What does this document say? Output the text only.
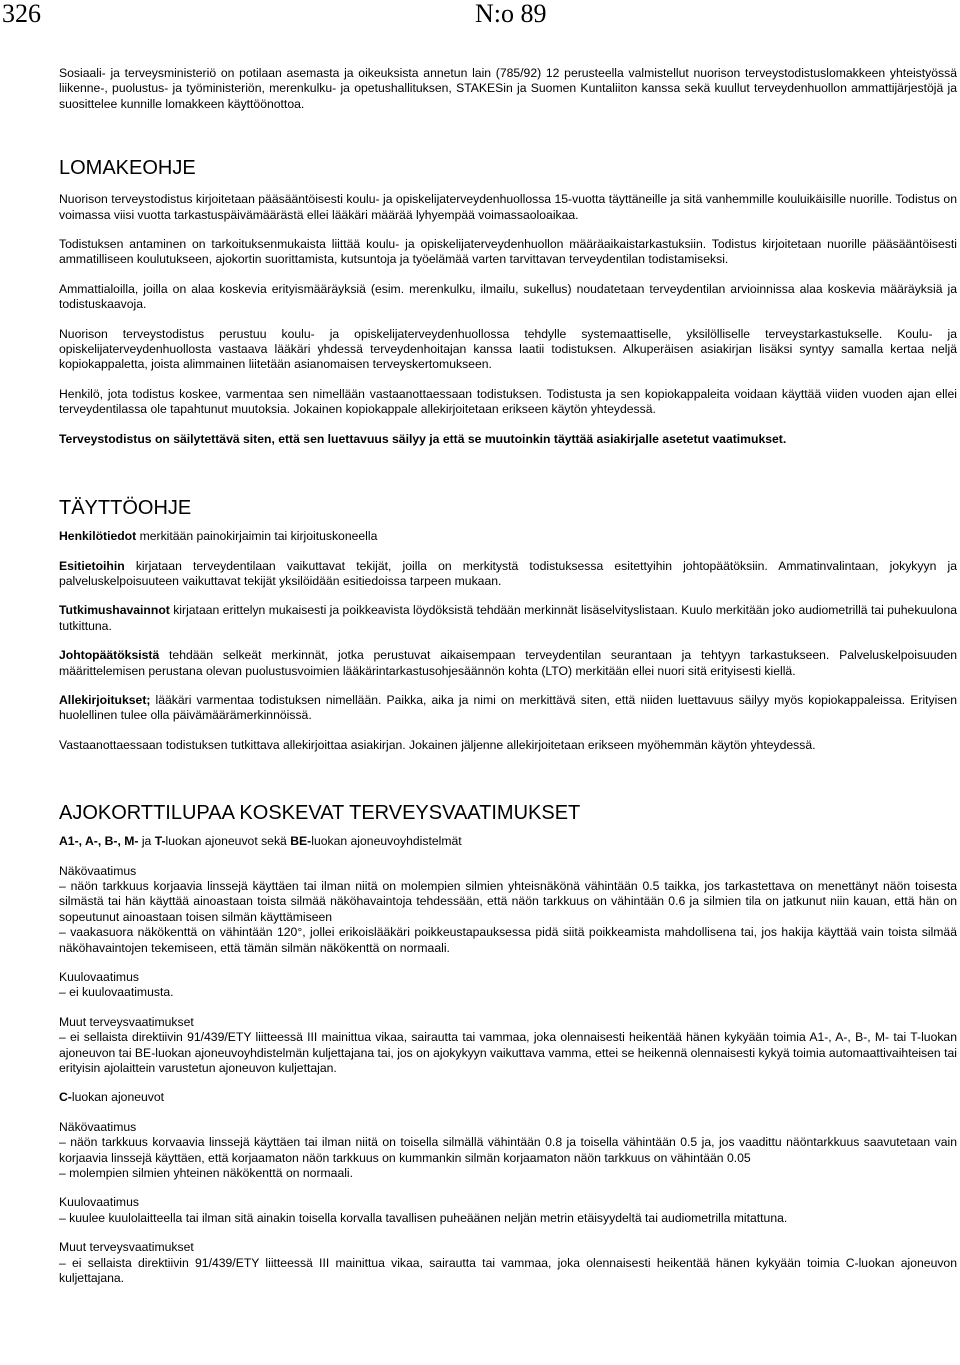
326	N:o 89

Sosiaali- ja terveysministeriö on potilaan asemasta ja oikeuksista annetun lain (785/92) 12 perusteella valmistellut nuorison terveystodistuslomakkeen yhteistyössä liikenne-, puolustus- ja työministeriön, merenkulku- ja opetushallituksen, STAKESin ja Suomen Kuntaliiton kanssa sekä kuullut terveydenhuollon ammattijärjestöjä ja suosittelee kunnille lomakkeen käyttöönottoa.

LOMAKEOHJE

Nuorison terveystodistus kirjoitetaan pääsääntöisesti koulu- ja opiskelijaterveydenhuollossa 15-vuotta täyttäneille ja sitä vanhemmille kouluikäisille nuorille. Todistus on voimassa viisi vuotta tarkastuspäivämäärästä ellei lääkäri määrää lyhyempää voimassaoloaikaa.

Todistuksen antaminen on tarkoituksenmukaista liittää koulu- ja opiskelijaterveydenhuollon määräaikaistarkastuksiin. Todistus kirjoitetaan nuorille pääsääntöisesti ammatilliseen koulutukseen, ajokortin suorittamista, kutsuntoja ja työelämää varten tarvittavan terveydentilan todistamiseksi.

Ammattialoilla, joilla on alaa koskevia erityismääräyksiä (esim. merenkulku, ilmailu, sukellus) noudatetaan terveydentilan arvioinnissa alaa koskevia määräyksiä ja todistuskaavoja.

Nuorison terveystodistus perustuu koulu- ja opiskelijaterveydenhuollossa tehdylle systemaattiselle, yksilölliselle terveystarkastukselle. Koulu- ja opiskelijaterveydenhuollosta vastaava lääkäri yhdessä terveydenhoitajan kanssa laatii todistuksen. Alkuperäisen asiakirjan lisäksi syntyy samalla kertaa neljä kopiokappaletta, joista alimmainen liitetään asianomaisen terveyskertomukseen.

Henkilö, jota todistus koskee, varmentaa sen nimellään vastaanottaessaan todistuksen. Todistusta ja sen kopiokappaleita voidaan käyttää viiden vuoden ajan ellei terveydentilassa ole tapahtunut muutoksia. Jokainen kopiokappale allekirjoitetaan erikseen käytön yhteydessä.

Terveystodistus on säilytettävä siten, että sen luettavuus säilyy ja että se muutoinkin täyttää asiakirjalle asetetut vaatimukset.

TÄYTTÖOHJE

Henkilötiedot merkitään painokirjaimin tai kirjoituskoneella

Esitietoihin kirjataan terveydentilaan vaikuttavat tekijät, joilla on merkitystä todistuksessa esitettyihin johtopäätöksiin. Ammatinvalintaan, jokykyyn ja palveluskelpoisuuteen vaikuttavat tekijät yksilöidään esitiedoissa tarpeen mukaan.

Tutkimushavainnot kirjataan erittelyn mukaisesti ja poikkeavista löydöksistä tehdään merkinnät lisäselvityslistaan. Kuulo merkitään joko audiometrillä tai puhekuulona tutkittuna.

Johtopäätöksistä tehdään selkeät merkinnät, jotka perustuvat aikaisempaan terveydentilan seurantaan ja tehtyyn tarkastukseen. Palveluskelpoisuuden määrittelemisen perustana olevan puolustusvoimien lääkärintarkastusohjesäännön kohta (LTO) merkitään ellei nuori sitä erityisesti kiellä.

Allekirjoitukset; lääkäri varmentaa todistuksen nimellään. Paikka, aika ja nimi on merkittävä siten, että niiden luettavuus säilyy myös kopiokappaleissa. Erityisen huolellinen tulee olla päivämäärämerkinnöissä.

Vastaanottaessaan todistuksen tutkittava allekirjoittaa asiakirjan. Jokainen jäljenne allekirjoitetaan erikseen myöhemmän käytön yhteydessä.

AJOKORTTILUPAA KOSKEVAT TERVEYSVAATIMUKSET

A1-, A-, B-, M- ja T-luokan ajoneuvot sekä BE-luokan ajoneuvoyhdistelmät

Näkövaatimus
– näön tarkkuus korjaavia linssejä käyttäen tai ilman niitä on molempien silmien yhteisnäkönä vähintään 0.5 taikka, jos tarkastettava on menettänyt näön toisesta silmästä tai hän käyttää ainoastaan toista silmää näköhavaintoja tehdessään, että näön tarkkuus on vähintään 0.6 ja silmien tila on jatkunut niin kauan, että hän on sopeutunut ainoastaan toisen silmän käyttämiseen
– vaakasuora näkökenttä on vähintään 120°, jollei erikoislääkäri poikkeustapauksessa pidä siitä poikkeamista mahdollisena tai, jos hakija käyttää vain toista silmää näköhavaintojen tekemiseen, että tämän silmän näkökenttä on normaali.
Kuulovaatimus
– ei kuulovaatimusta.
Muut terveysvaatimukset
– ei sellaista direktiivin 91/439/ETY liitteessä III mainittua vikaa, sairautta tai vammaa, joka olennaisesti heikentää hänen kykyään toimia A1-, A-, B-, M- tai T-luokan ajoneuvon tai BE-luokan ajoneuvoyhdistelmän kuljettajana tai, jos on ajokykyyn vaikuttava vamma, ettei se heikennä olennaisesti kykyä toimia automaattivaihteisen tai erityisin ajolaittein varustetun ajoneuvon kuljettajan.

C-luokan ajoneuvot

Näkövaatimus
– näön tarkkuus korvaavia linssejä käyttäen tai ilman niitä on toisella silmällä vähintään 0.8 ja toisella vähintään 0.5 ja, jos vaadittu näöntarkkuus saavutetaan vain korjaavia linssejä käyttäen, että korjaamaton näön tarkkuus on kummankin silmän korjaamaton näön tarkkuus on vähintään 0.05
– molempien silmien yhteinen näkökenttä on normaali.
Kuulovaatimus
– kuulee kuulolaitteella tai ilman sitä ainakin toisella korvalla tavallisen puheäänen neljän metrin etäisyydeltä tai audiometrilla mitattuna.
Muut terveysvaatimukset
– ei sellaista direktiivin 91/439/ETY liitteessä III mainittua vikaa, sairautta tai vammaa, joka olennaisesti heikentää hänen kykyään toimia C-luokan ajoneuvon kuljettajana.
